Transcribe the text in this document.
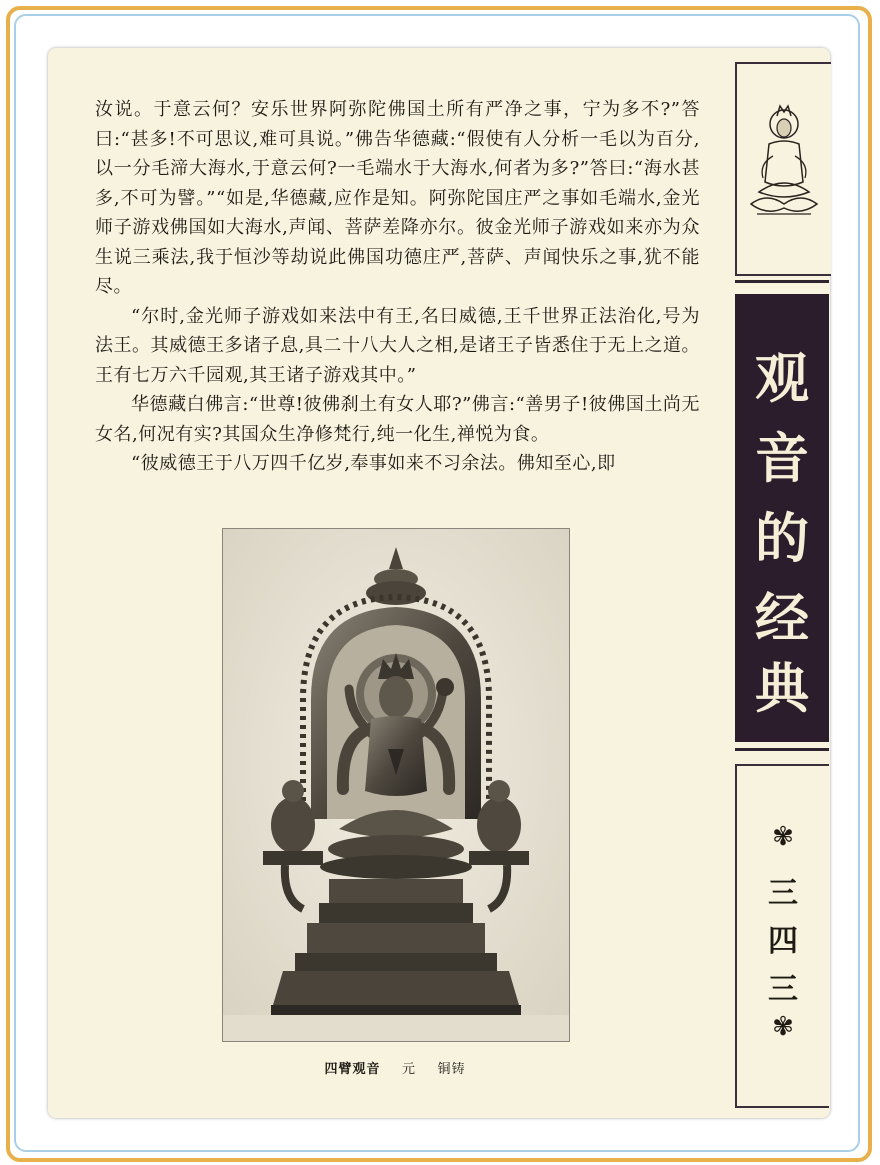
汝说。于意云何？安乐世界阿弥陀佛国土所有严净之事，宁为多不?”答曰:“甚多!不可思议,难可具说。”佛告华德藏:“假使有人分析一毛以为百分,以一分毛渧大海水,于意云何?一毛端水于大海水,何者为多?”答曰:“海水甚多,不可为譬。”“如是,华德藏,应作是知。阿弥陀国庄严之事如毛端水,金光师子游戏佛国如大海水,声闻、菩萨差降亦尔。彼金光师子游戏如来亦为众生说三乘法,我于恒沙等劫说此佛国功德庄严,菩萨、声闻快乐之事,犹不能尽。

“尔时,金光师子游戏如来法中有王,名曰威德,王千世界正法治化,号为法王。其威德王多诸子息,具二十八大人之相,是诸王子皆悉住于无上之道。王有七万六千园观,其王诸子游戏其中。”

华德藏白佛言:“世尊!彼佛刹土有女人耶?”佛言:“善男子!彼佛国土尚无女名,何况有实?其国众生净修梵行,纯一化生,禅悦为食。

“彼威德王于八万四千亿岁,奉事如来不习余法。佛知至心,即

四臂观音 元 铜铸
观
音
的
经
典
✾
三
四
三
✾
